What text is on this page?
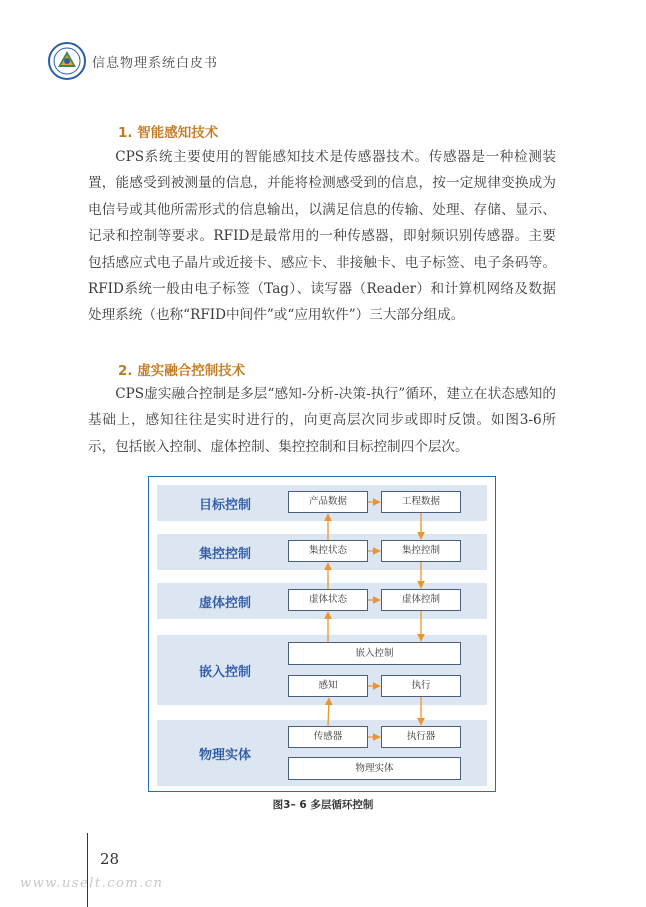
信息物理系统白皮书
1. 智能感知技术
CPS系统主要使用的智能感知技术是传感器技术。传感器是一种检测装置，能感受到被测量的信息，并能将检测感受到的信息，按一定规律变换成为电信号或其他所需形式的信息输出，以满足信息的传输、处理、存储、显示、记录和控制等要求。RFID是最常用的一种传感器，即射频识别传感器。主要包括感应式电子晶片或近接卡、感应卡、非接触卡、电子标签、电子条码等。RFID系统一般由电子标签（Tag）、读写器（Reader）和计算机网络及数据处理系统（也称“RFID中间件”或“应用软件”）三大部分组成。
2. 虚实融合控制技术
CPS虚实融合控制是多层“感知-分析-决策-执行”循环，建立在状态感知的基础上，感知往往是实时进行的，向更高层次同步或即时反馈。如图3-6所示，包括嵌入控制、虚体控制、集控控制和目标控制四个层次。
目标控制
集控控制
虚体控制
嵌入控制
物理实体
产品数据	工程数据
集控状态	集控控制
虚体状态	虚体控制
嵌入控制
感知	执行
传感器	执行器
物理实体
图3– 6 多层循环控制
28
www.uselt.com.cn
